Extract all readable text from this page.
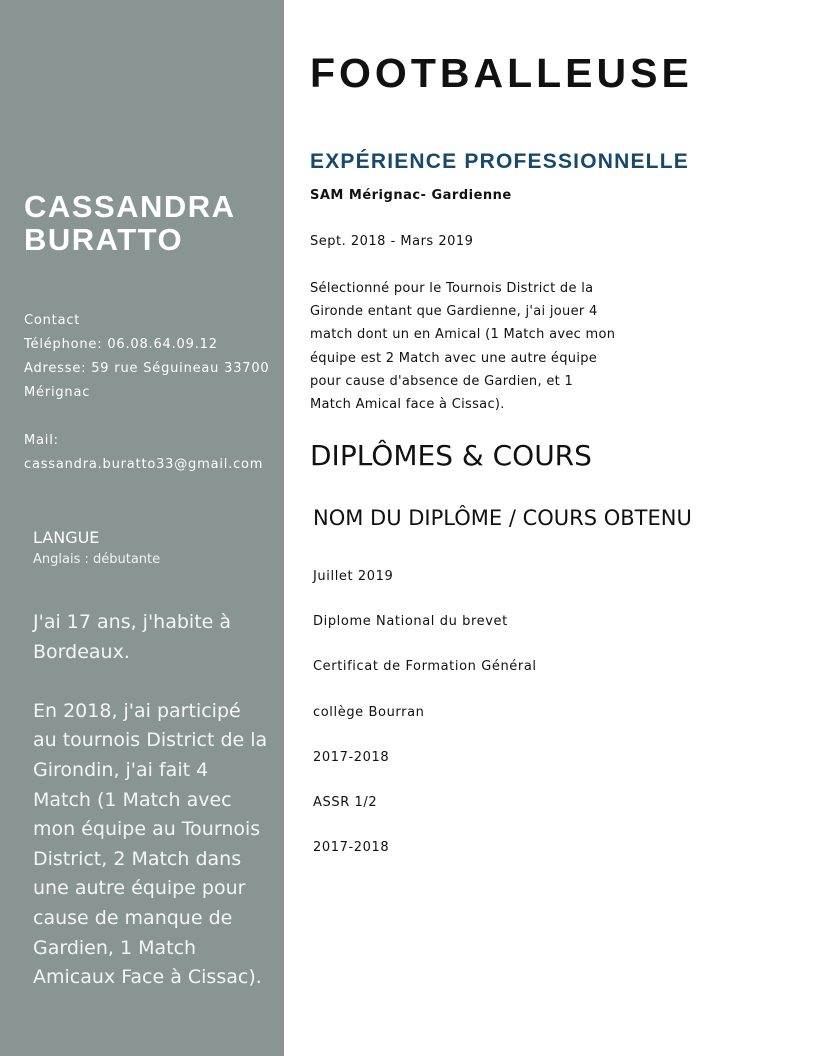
CASSANDRA
BURATTO
Contact
Téléphone: 06.08.64.09.12
Adresse: 59 rue Séguineau 33700
Mérignac
Mail:
cassandra.buratto33@gmail.com
LANGUE
Anglais : débutante

J'ai 17 ans, j'habite à Bordeaux.

En 2018, j'ai participé au tournois District de la Girondin, j'ai fait 4 Match (1 Match avec mon équipe au Tournois District, 2 Match dans une autre équipe pour cause de manque de Gardien, 1 Match Amicaux Face à Cissac).

FOOTBALLEUSE
EXPÉRIENCE PROFESSIONNELLE
SAM Mérignac- Gardienne
Sept. 2018 - Mars 2019
Sélectionné pour le Tournois District de la
Gironde entant que Gardienne, j'ai jouer 4
match dont un en Amical (1 Match avec mon
équipe est 2 Match avec une autre équipe
pour cause d'absence de Gardien, et 1
Match Amical face à Cissac).
DIPLÔMES & COURS
NOM DU DIPLÔME / COURS OBTENU
Juillet 2019
Diplome National du brevet
Certificat de Formation Général
collège Bourran
2017-2018
ASSR 1/2
2017-2018
